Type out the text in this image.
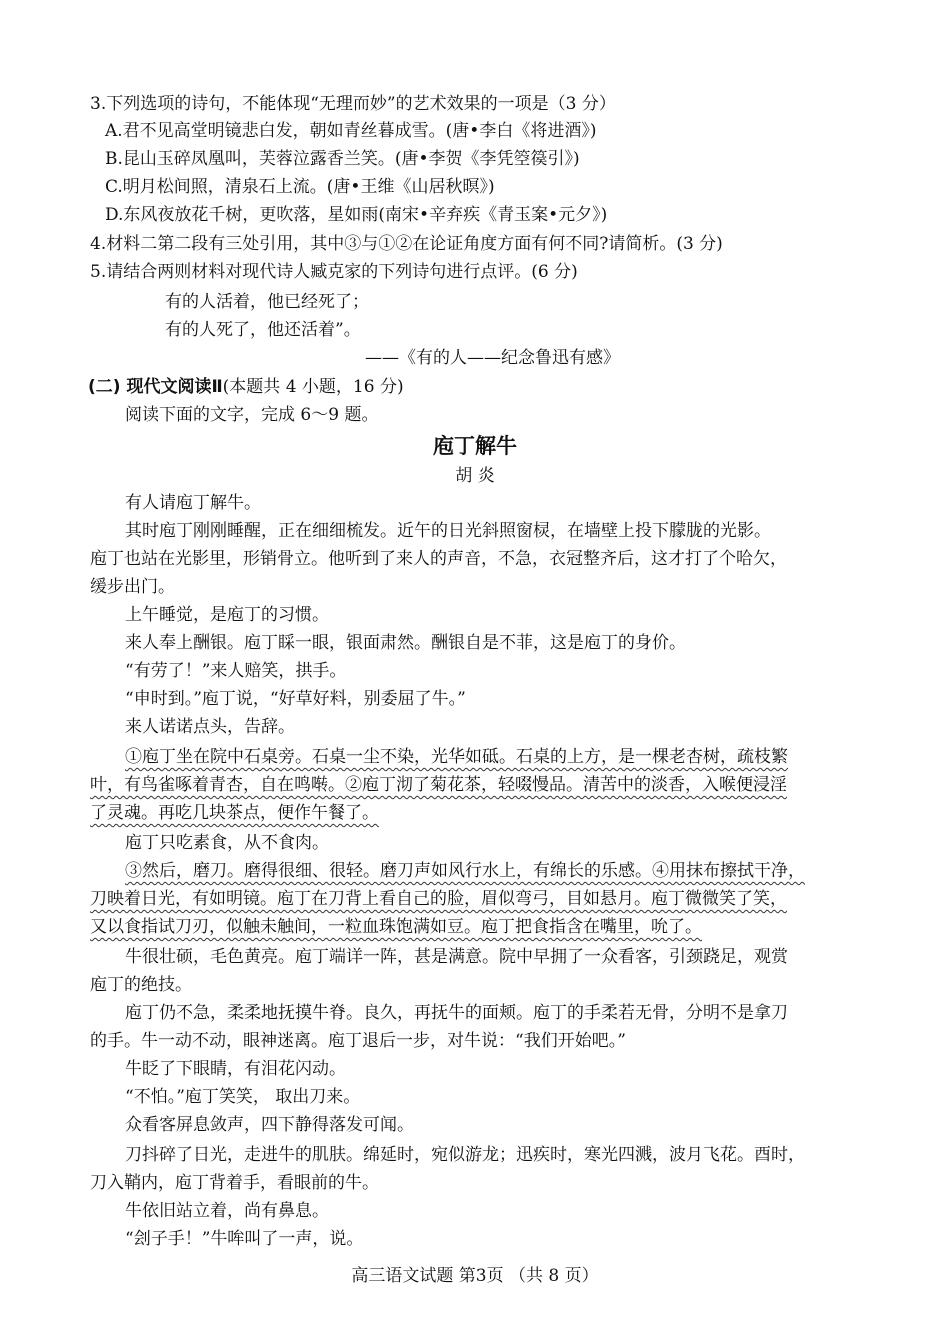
3.下列选项的诗句，不能体现“无理而妙”的艺术效果的一项是（3 分）
A.君不见高堂明镜悲白发，朝如青丝暮成雪。(唐•李白《将进酒》)
B.昆山玉碎凤凰叫，芙蓉泣露香兰笑。(唐•李贺《李凭箜篌引》)
C.明月松间照，清泉石上流。(唐•王维《山居秋暝》)
D.东风夜放花千树，更吹落，星如雨(南宋•辛弃疾《青玉案•元夕》)
4.材料二第二段有三处引用，其中③与①②在论证角度方面有何不同?请简析。(3 分)
5.请结合两则材料对现代诗人臧克家的下列诗句进行点评。(6 分)
有的人活着，他已经死了；
有的人死了，他还活着”。
——《有的人——纪念鲁迅有感》
(二) 现代文阅读Ⅱ(本题共 4 小题，16 分)
阅读下面的文字，完成 6～9 题。
庖丁解牛
胡 炎
有人请庖丁解牛。
其时庖丁刚刚睡醒，正在细细梳发。近午的日光斜照窗棂，在墙壁上投下朦胧的光影。
庖丁也站在光影里，形销骨立。他听到了来人的声音，不急，衣冠整齐后，这才打了个哈欠，
缓步出门。
上午睡觉，是庖丁的习惯。
来人奉上酬银。庖丁睬一眼，银面肃然。酬银自是不菲，这是庖丁的身价。
“有劳了！”来人赔笑，拱手。
“申时到。”庖丁说，“好草好料，别委屈了牛。”
来人诺诺点头，告辞。
①庖丁坐在院中石桌旁。石桌一尘不染，光华如砥。石桌的上方，是一棵老杏树，疏枝繁
叶，有鸟雀啄着青杏，自在鸣啭。②庖丁沏了菊花茶，轻啜慢品。清苦中的淡香，入喉便浸淫
了灵魂。再吃几块茶点，便作午餐了。
庖丁只吃素食，从不食肉。
③然后，磨刀。磨得很细、很轻。磨刀声如风行水上，有绵长的乐感。④用抹布擦拭干净，
刀映着日光，有如明镜。庖丁在刀背上看自己的脸，眉似弯弓，目如悬月。庖丁微微笑了笑，
又以食指试刀刃，似触未触间，一粒血珠饱满如豆。庖丁把食指含在嘴里，吮了。
牛很壮硕，毛色黄亮。庖丁端详一阵，甚是满意。院中早拥了一众看客，引颈跷足，观赏
庖丁的绝技。
庖丁仍不急，柔柔地抚摸牛脊。良久，再抚牛的面颊。庖丁的手柔若无骨，分明不是拿刀
的手。牛一动不动，眼神迷离。庖丁退后一步，对牛说：“我们开始吧。”
牛眨了下眼睛，有泪花闪动。
“不怕。”庖丁笑笑， 取出刀来。
众看客屏息敛声，四下静得落发可闻。
刀抖碎了日光，走进牛的肌肤。绵延时，宛似游龙；迅疾时，寒光四溅，波月飞花。酉时，
刀入鞘内，庖丁背着手，看眼前的牛。
牛依旧站立着，尚有鼻息。
“刽子手！”牛哞叫了一声，说。
高三语文试题 第3页 （共 8 页）
